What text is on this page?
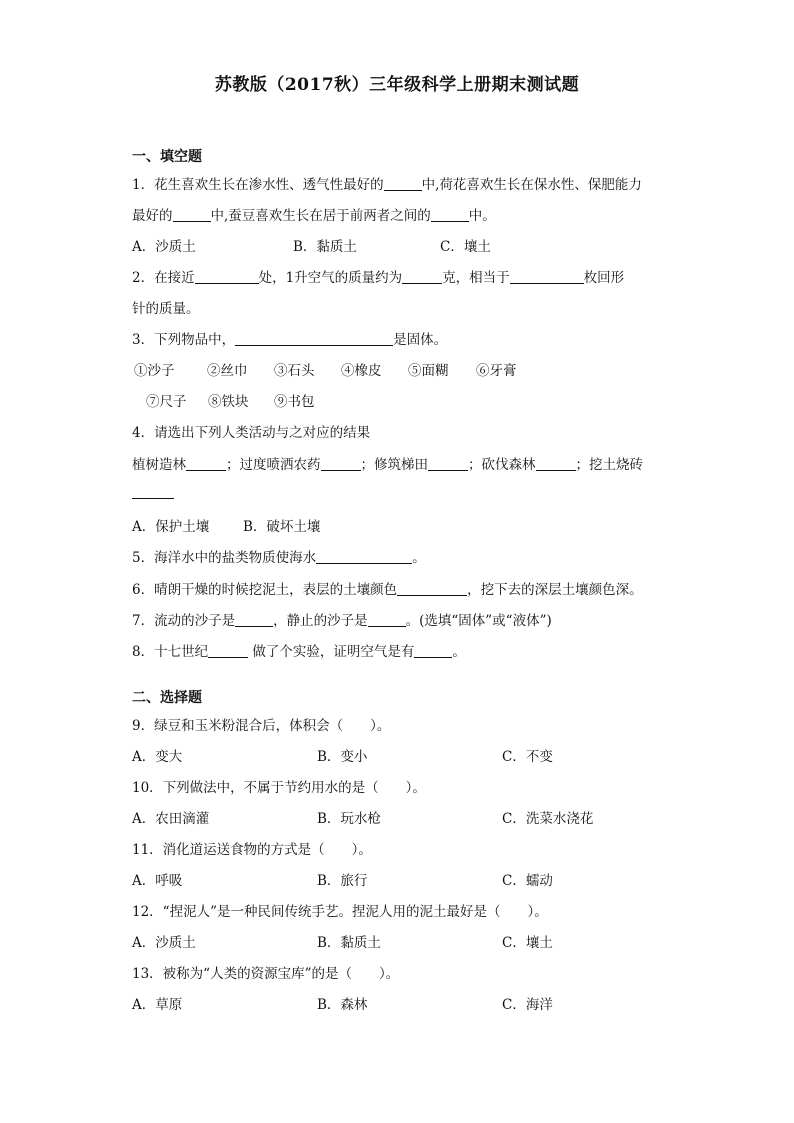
苏教版（2017秋）三年级科学上册期末测试题
一、填空题
1．花生喜欢生长在渗水性、透气性最好的	中,荷花喜欢生长在保水性、保肥能力
最好的	中,蚕豆喜欢生长在居于前两者之间的	中。
A．沙质土	B．黏质土	C．壤土
2．在接近	处，1升空气的质量约为	克，相当于	枚回形
针的质量。
3．下列物品中，	是固体。
①沙子 ②丝巾 ③石头 ④橡皮 ⑤面糊 ⑥牙膏
⑦尺子 ⑧铁块 ⑨书包
4．请选出下列人类活动与之对应的结果
植树造林	；过度喷洒农药	；修筑梯田	；砍伐森林	；挖土烧砖
A．保护土壤	B．破坏土壤
5．海洋水中的盐类物质使海水	。
6．晴朗干燥的时候挖泥土，表层的土壤颜色	，挖下去的深层土壤颜色深。
7．流动的沙子是	，静止的沙子是	。(选填“固体”或“液体”)
8．十七世纪	做了个实验，证明空气是有	。
二、选择题
9．绿豆和玉米粉混合后，体积会（　　）。
A．变大	B．变小	C．不变
10．下列做法中，不属于节约用水的是（　　）。
A．农田滴灌	B．玩水枪	C．洗菜水浇花
11．消化道运送食物的方式是（　　）。
A．呼吸	B．旅行	C．蠕动
12．“捏泥人”是一种民间传统手艺。捏泥人用的泥土最好是（　　）。
A．沙质土	B．黏质土	C．壤土
13．被称为“人类的资源宝库”的是（　　）。
A．草原	B．森林	C．海洋
